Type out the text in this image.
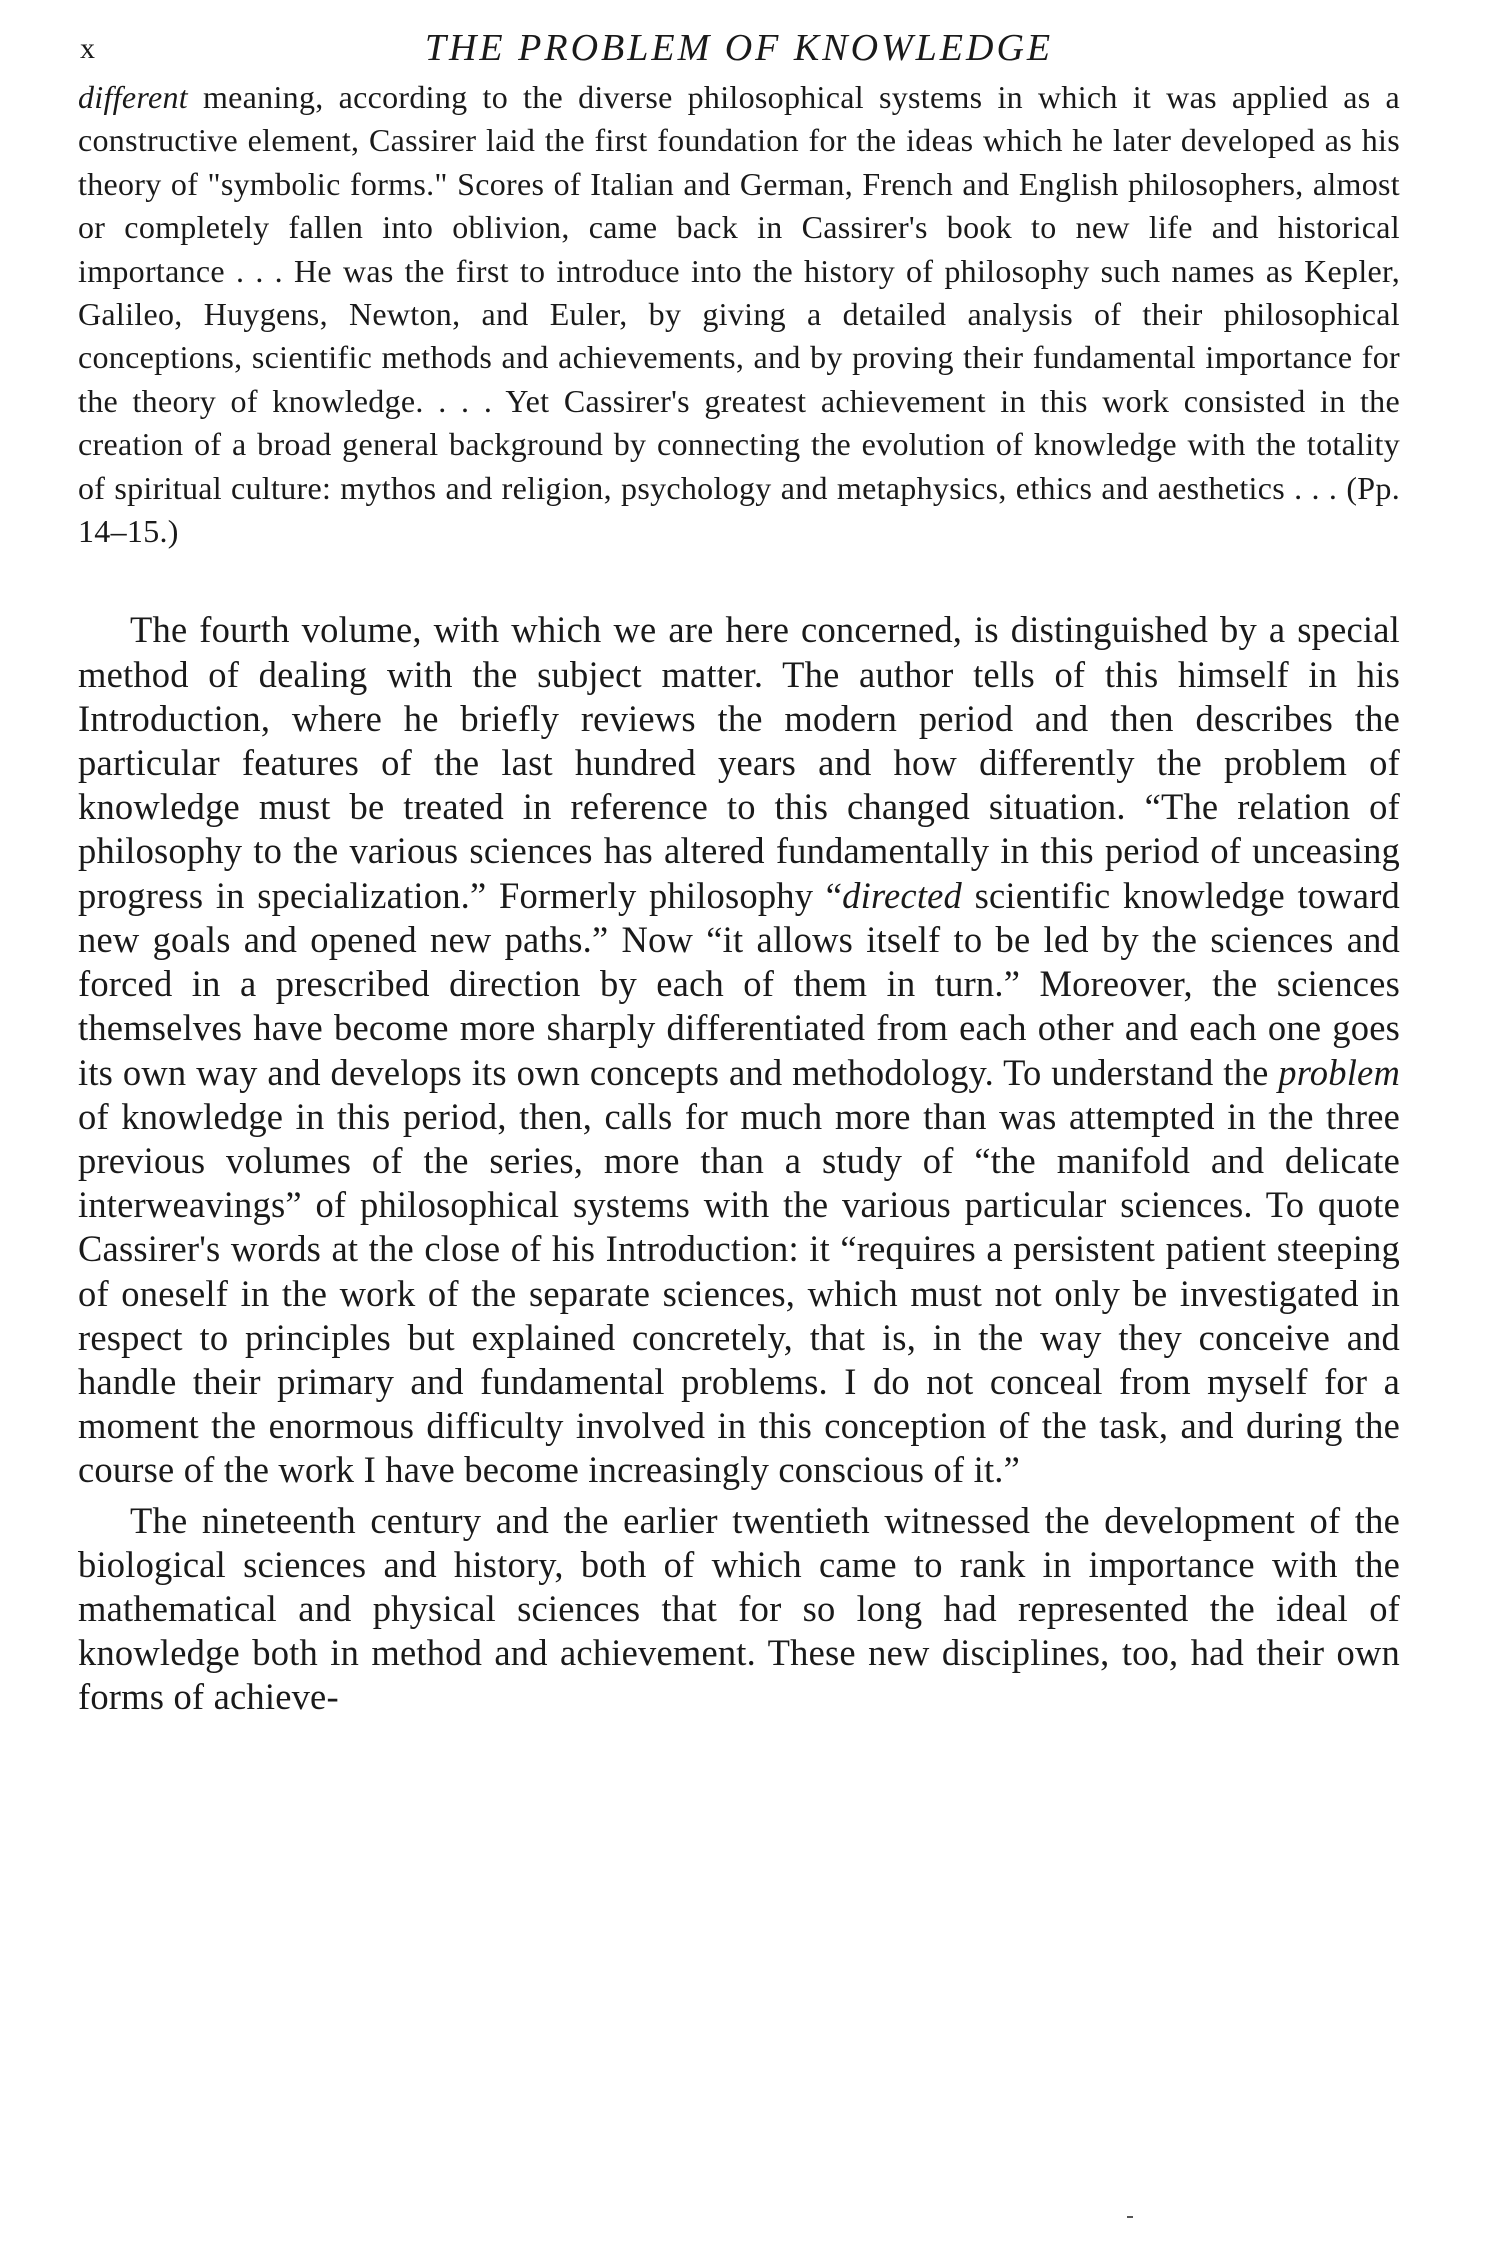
x	THE PROBLEM OF KNOWLEDGE

different meaning, according to the diverse philosophical systems in which it was applied as a constructive element, Cassirer laid the first foundation for the ideas which he later developed as his theory of "symbolic forms." Scores of Italian and German, French and English philosophers, almost or completely fallen into oblivion, came back in Cassirer's book to new life and historical importance . . . He was the first to introduce into the history of philosophy such names as Kepler, Galileo, Huygens, Newton, and Euler, by giving a detailed analysis of their philosophical conceptions, scientific methods and achievements, and by proving their fundamental importance for the theory of knowledge. . . . Yet Cassirer's greatest achievement in this work consisted in the creation of a broad general background by connecting the evolution of knowledge with the totality of spiritual culture: mythos and religion, psychology and metaphysics, ethics and aesthetics . . . (Pp. 14–15.)

The fourth volume, with which we are here concerned, is distinguished by a special method of dealing with the subject matter. The author tells of this himself in his Introduction, where he briefly reviews the modern period and then describes the particular features of the last hundred years and how differently the problem of knowledge must be treated in reference to this changed situation. “The relation of philosophy to the various sciences has altered fundamentally in this period of unceasing progress in specialization.” Formerly philosophy “directed scientific knowledge toward new goals and opened new paths.” Now “it allows itself to be led by the sciences and forced in a prescribed direction by each of them in turn.” Moreover, the sciences themselves have become more sharply differentiated from each other and each one goes its own way and develops its own concepts and methodology. To understand the problem of knowledge in this period, then, calls for much more than was attempted in the three previous volumes of the series, more than a study of “the manifold and delicate interweavings” of philosophical systems with the various particular sciences. To quote Cassirer's words at the close of his Introduction: it “requires a persistent patient steeping of oneself in the work of the separate sciences, which must not only be investigated in respect to principles but explained concretely, that is, in the way they conceive and handle their primary and fundamental problems. I do not conceal from myself for a moment the enormous difficulty involved in this conception of the task, and during the course of the work I have become increasingly conscious of it.”

The nineteenth century and the earlier twentieth witnessed the development of the biological sciences and history, both of which came to rank in importance with the mathematical and physical sciences that for so long had represented the ideal of knowledge both in method and achievement. These new disciplines, too, had their own forms of achieve-
